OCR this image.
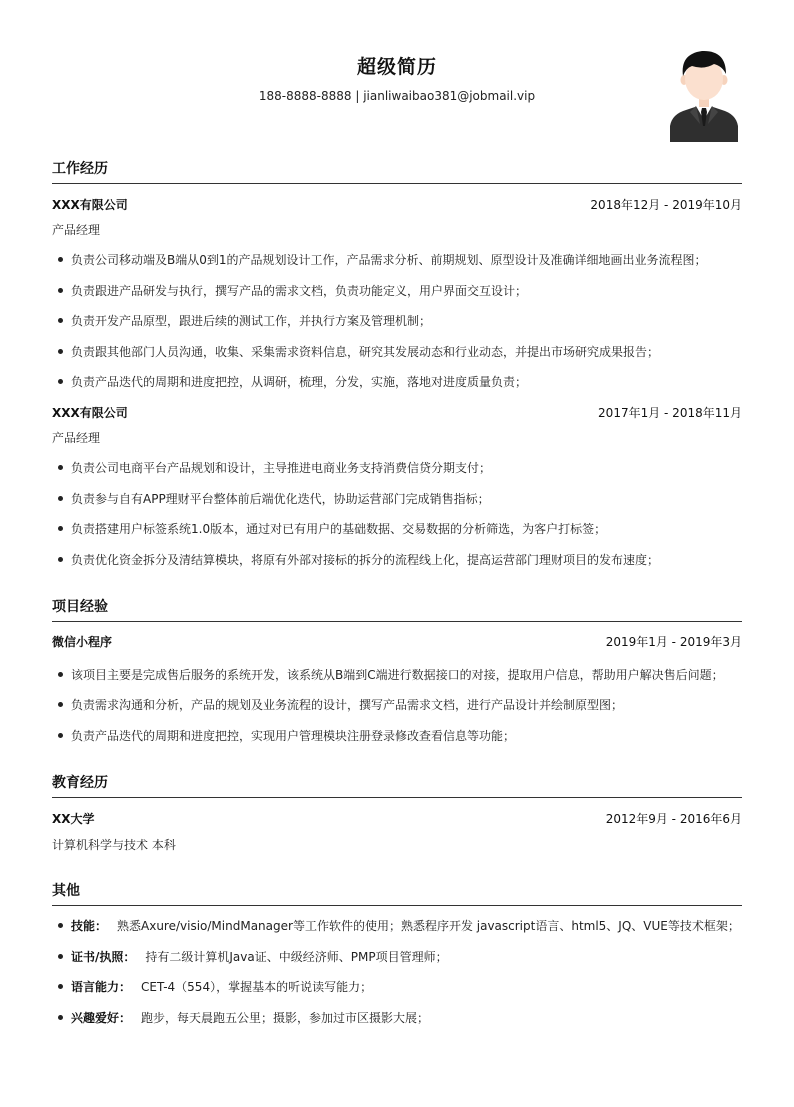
超级简历
188-8888-8888 | jianliwaibao381@jobmail.vip
工作经历
XXX有限公司	2018年12月 - 2019年10月
产品经理
负责公司移动端及B端从0到1的产品规划设计工作，产品需求分析、前期规划、原型设计及准确详细地画出业务流程图；
负责跟进产品研发与执行，撰写产品的需求文档，负责功能定义，用户界面交互设计；
负责开发产品原型，跟进后续的测试工作，并执行方案及管理机制；
负责跟其他部门人员沟通，收集、采集需求资料信息，研究其发展动态和行业动态，并提出市场研究成果报告；
负责产品迭代的周期和进度把控，从调研，梳理，分发，实施，落地对进度质量负责；
XXX有限公司	2017年1月 - 2018年11月
产品经理
负责公司电商平台产品规划和设计，主导推进电商业务支持消费信贷分期支付；
负责参与自有APP理财平台整体前后端优化迭代，协助运营部门完成销售指标；
负责搭建用户标签系统1.0版本，通过对已有用户的基础数据、交易数据的分析筛选，为客户打标签；
负责优化资金拆分及清结算模块，将原有外部对接标的拆分的流程线上化，提高运营部门理财项目的发布速度；
项目经验
微信小程序	2019年1月 - 2019年3月
该项目主要是完成售后服务的系统开发，该系统从B端到C端进行数据接口的对接，提取用户信息，帮助用户解决售后问题；
负责需求沟通和分析，产品的规划及业务流程的设计，撰写产品需求文档，进行产品设计并绘制原型图；
负责产品迭代的周期和进度把控，实现用户管理模块注册登录修改查看信息等功能；
教育经历
XX大学	2012年9月 - 2016年6月
计算机科学与技术 本科
其他
技能： 熟悉Axure/visio/MindManager等工作软件的使用；熟悉程序开发 javascript语言、html5、JQ、VUE等技术框架；
证书/执照： 持有二级计算机Java证、中级经济师、PMP项目管理师；
语言能力： CET-4（554），掌握基本的听说读写能力；
兴趣爱好： 跑步，每天晨跑五公里；摄影，参加过市区摄影大展；
